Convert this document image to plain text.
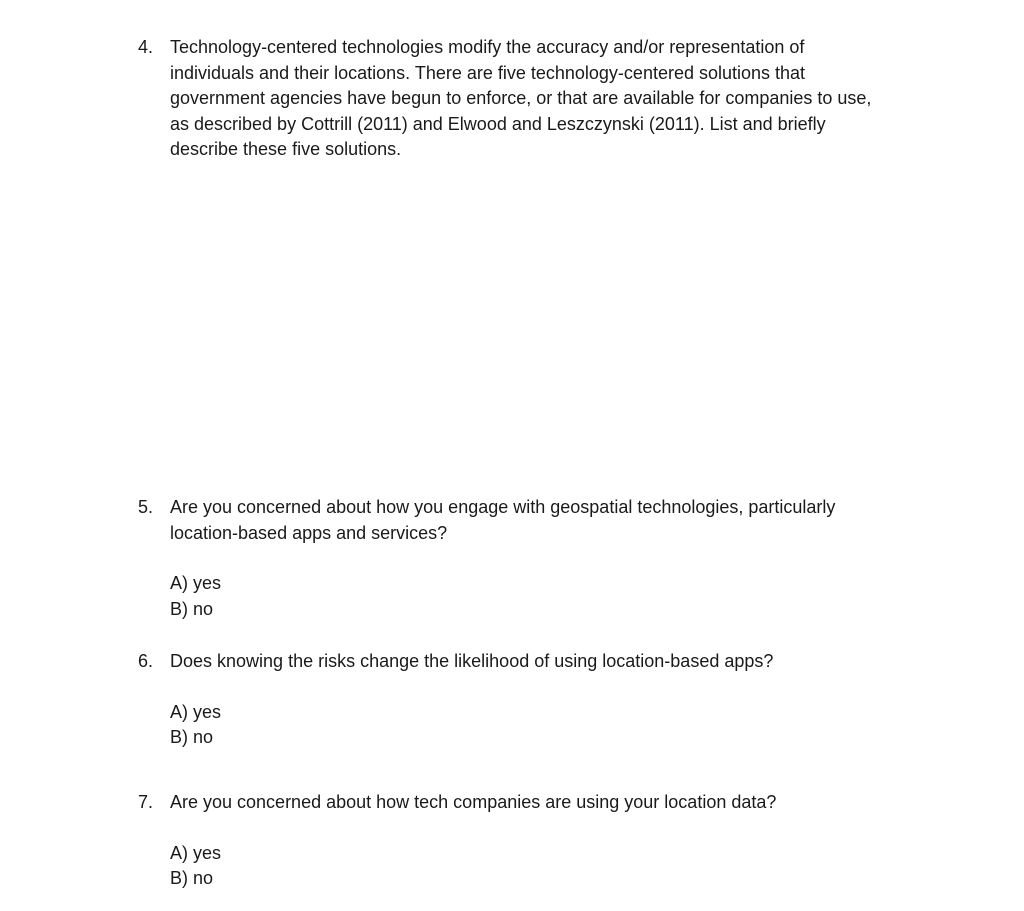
4. Technology-centered technologies modify the accuracy and/or representation of
individuals and their locations. There are five technology-centered solutions that
government agencies have begun to enforce, or that are available for companies to use,
as described by Cottrill (2011) and Elwood and Leszczynski (2011). List and briefly
describe these five solutions.
5. Are you concerned about how you engage with geospatial technologies, particularly
location-based apps and services?
A) yes
B) no
6. Does knowing the risks change the likelihood of using location-based apps?
A) yes
B) no
7. Are you concerned about how tech companies are using your location data?
A) yes
B) no
